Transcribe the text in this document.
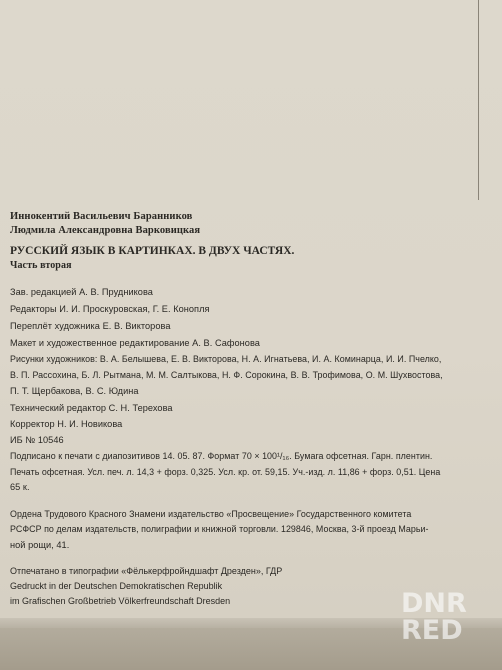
Иннокентий Васильевич Баранников
Людмила Александровна Варковицкая
РУССКИЙ ЯЗЫК В КАРТИНКАХ. В ДВУХ ЧАСТЯХ.
Часть вторая
Зав. редакцией А. В. Прудникова
Редакторы И. И. Проскуровская, Г. Е. Конопля
Переплёт художника Е. В. Викторова
Макет и художественное редактирование А. В. Сафонова
Рисунки художников: В. А. Белышева, Е. В. Викторова, Н. А. Игнатьева, И. А. Коминарца, И. И. Пчелко,
В. П. Рассохина, Б. Л. Рытмана, М. М. Салтыкова, Н. Ф. Сорокина, В. В. Трофимова, О. М. Шухвостова,
П. Т. Щербакова, В. С. Юдина
Технический редактор С. Н. Терехова
Корректор Н. И. Новикова
ИБ № 10546
Подписано к печати с диапозитивов 14. 05. 87. Формат 70 × 100¹/₁₆. Бумага офсетная. Гарн. плентин.
Печать офсетная. Усл. печ. л. 14,3 + форз. 0,325. Усл. кр. от. 59,15. Уч.-изд. л. 11,86 + форз. 0,51. Цена
65 к.
Ордена Трудового Красного Знамени издательство «Просвещение» Государственного комитета
РСФСР по делам издательств, полиграфии и книжной торговли. 129846, Москва, 3-й проезд Марьи-
ной рощи, 41.
Отпечатано в типографии «Фёлькерфройндшафт Дрезден», ГДР
Gedruckt in der Deutschen Demokratischen Republik
im Grafischen Großbetrieb Völkerfreundschaft Dresden	DNR
RED
